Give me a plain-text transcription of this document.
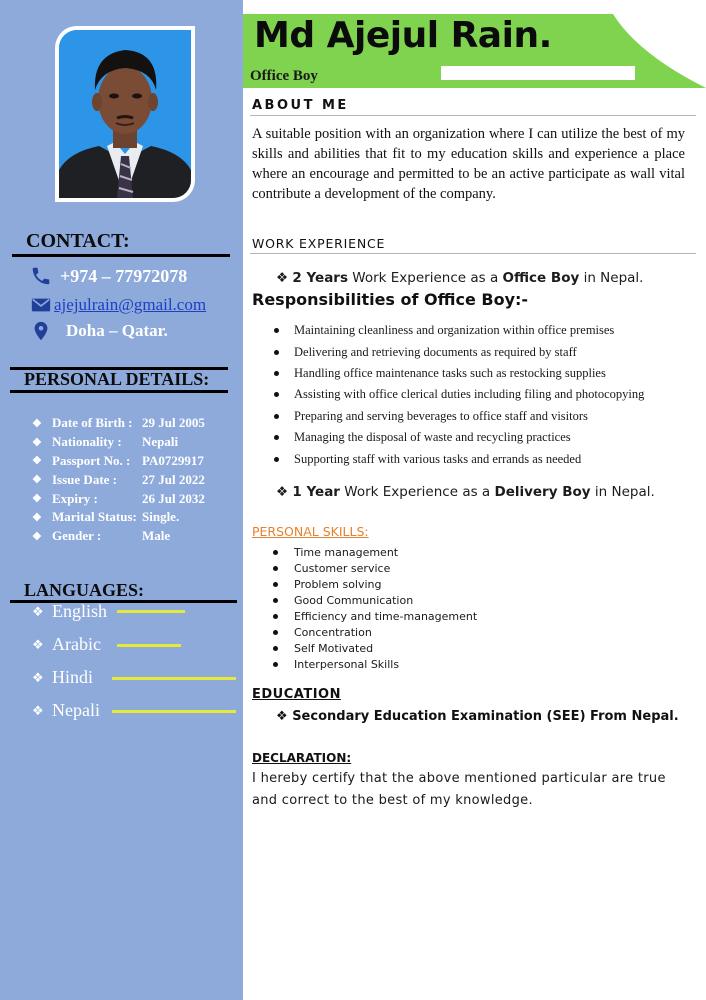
CONTACT:
+974 – 77972078
ajejulrain@gmail.com
Doha – Qatar.
PERSONAL DETAILS:
❖ Date of Birth : 29 Jul 2005
❖ Nationality :	Nepali
❖ Passport No. : PA0729917
❖ Issue Date :	27 Jul 2022
❖ Expiry :	26 Jul 2032
❖ Marital Status: Single.
❖ Gender :	Male
LANGUAGES:
❖ English
❖ Arabic
❖ Hindi
❖ Nepali
Md Ajejul Rain.
Office Boy
ABOUT ME
A suitable position with an organization where I can utilize the best of my skills and abilities that fit to my education skills and experience a place where an encourage and permitted to be an active participate as wall vital contribute a development of the company.
WORK EXPERIENCE
❖ 2 Years Work Experience as a Office Boy in Nepal.
Responsibilities of Office Boy:-
Maintaining cleanliness and organization within office premises
Delivering and retrieving documents as required by staff
Handling office maintenance tasks such as restocking supplies
Assisting with office clerical duties including filing and photocopying
Preparing and serving beverages to office staff and visitors
Managing the disposal of waste and recycling practices
Supporting staff with various tasks and errands as needed
❖ 1 Year Work Experience as a Delivery Boy in Nepal.
PERSONAL SKILLS:
Time management
Customer service
Problem solving
Good Communication
Efficiency and time-management
Concentration
Self Motivated
Interpersonal Skills
EDUCATION
❖ Secondary Education Examination (SEE) From Nepal.
DECLARATION:
I hereby certify that the above mentioned particular are true and correct to the best of my knowledge.
